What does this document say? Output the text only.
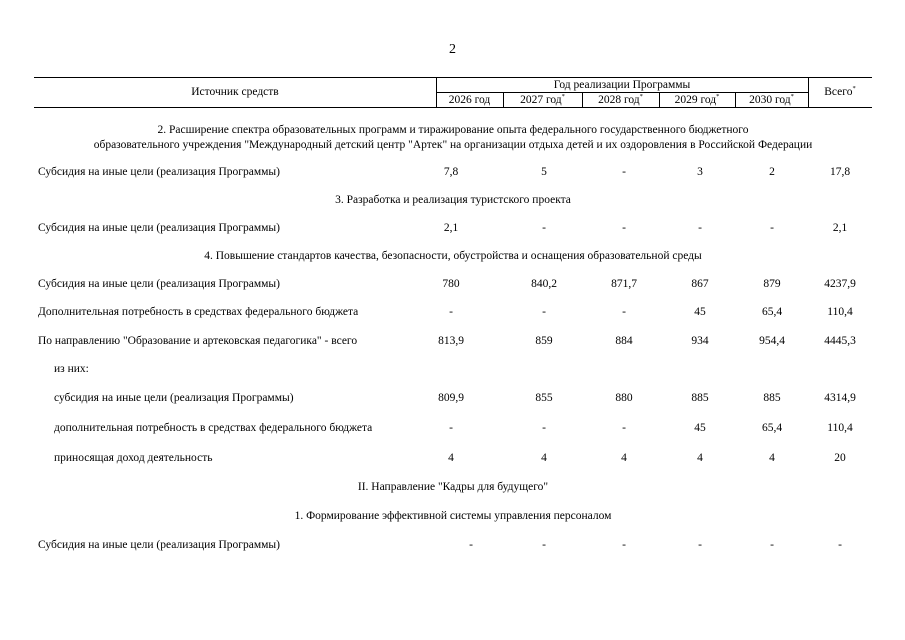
2
Источник средств
Год реализации Программы
2026 год	2027 год*	2028 год*	2029 год*	2030 год*	Всего*
2. Расширение спектра образовательных программ и тиражирование опыта федерального государственного бюджетного
образовательного учреждения "Международный детский центр "Артек" на организации отдыха детей и их оздоровления в Российской Федерации
Субсидия на иные цели (реализация Программы)	7,8	5	-	3	2	17,8
3. Разработка и реализация туристского проекта
Субсидия на иные цели (реализация Программы)	2,1	-	-	-	-	2,1
4. Повышение стандартов качества, безопасности, обустройства и оснащения образовательной среды
Субсидия на иные цели (реализация Программы)	780	840,2	871,7	867	879	4237,9
Дополнительная потребность в средствах федерального бюджета	-	-	-	45	65,4	110,4
По направлению "Образование и артековская педагогика" - всего	813,9	859	884	934	954,4	4445,3
из них:
субсидия на иные цели (реализация Программы)	809,9	855	880	885	885	4314,9
дополнительная потребность в средствах федерального бюджета	-	-	-	45	65,4	110,4
приносящая доход деятельность	4	4	4	4	4	20
II. Направление "Кадры для будущего"
1. Формирование эффективной системы управления персоналом
Субсидия на иные цели (реализация Программы)	-	-	-	-	-	-
